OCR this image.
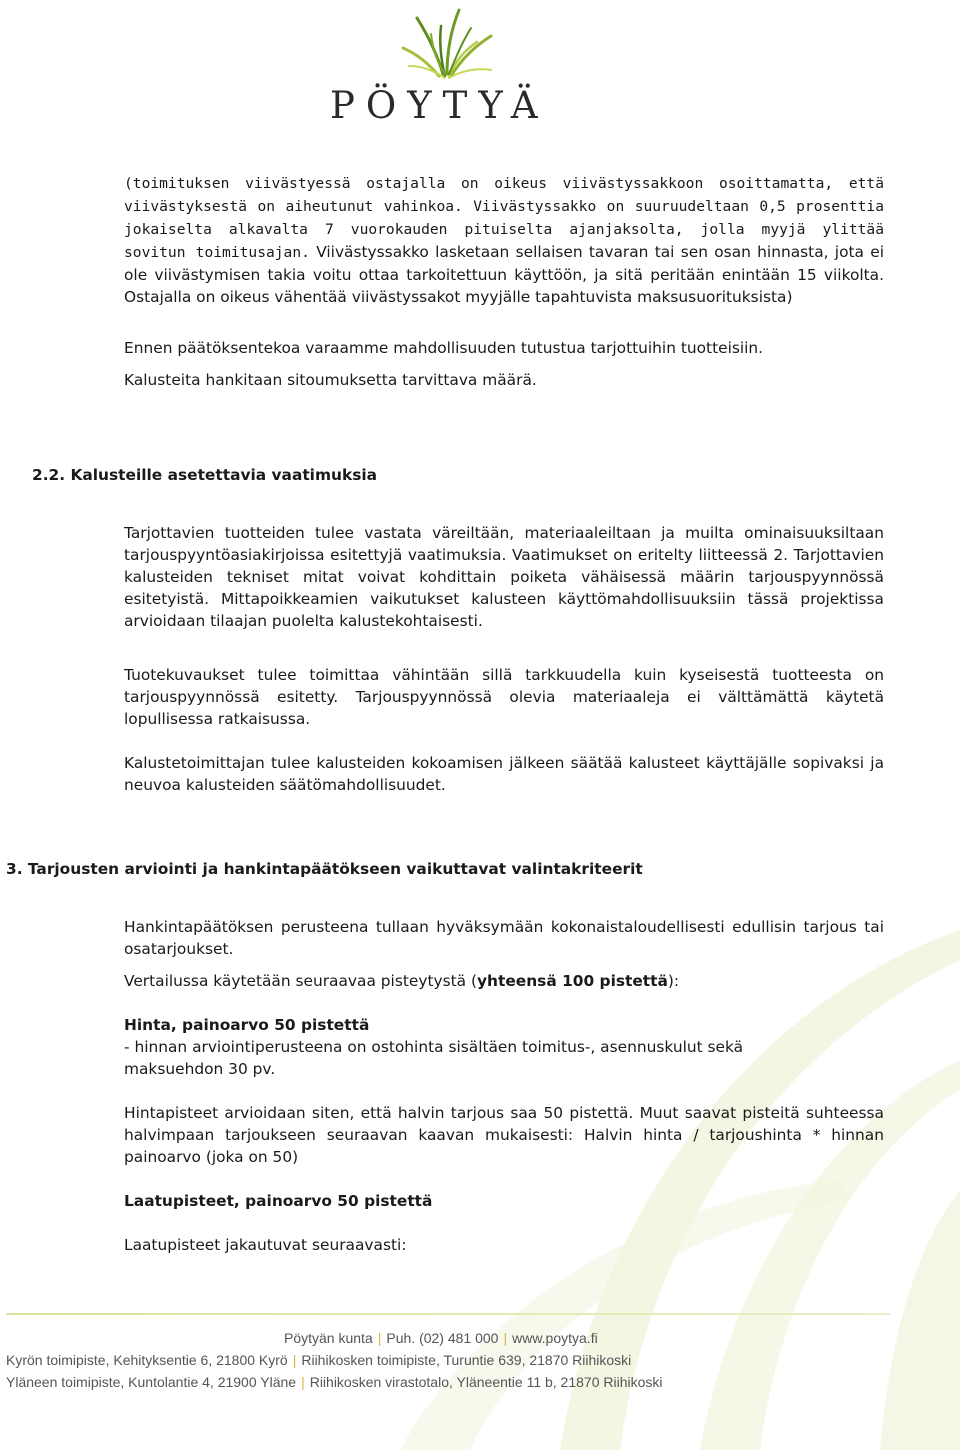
PÖYTYÄ

(toimituksen viivästyessä ostajalla on oikeus viivästyssakkoon osoittamatta, että viivästyksestä on aiheutunut vahinkoa. Viivästyssakko on suuruudeltaan 0,5 prosenttia jokaiselta alkavalta 7 vuorokauden pituiselta ajanjaksolta, jolla myyjä ylittää sovitun toimitusajan. Viivästyssakko lasketaan sellaisen tavaran tai sen osan hinnasta, jota ei ole viivästymisen takia voitu ottaa tarkoitettuun käyttöön, ja sitä peritään enintään 15 viikolta. Ostajalla on oikeus vähentää viivästyssakot myyjälle tapahtuvista maksusuorituksista)

Ennen päätöksentekoa varaamme mahdollisuuden tutustua tarjottuihin tuotteisiin.

Kalusteita hankitaan sitoumuksetta tarvittava määrä.

2.2. Kalusteille asetettavia vaatimuksia

Tarjottavien tuotteiden tulee vastata väreiltään, materiaaleiltaan ja muilta ominaisuuksiltaan tarjouspyyntöasiakirjoissa esitettyjä vaatimuksia. Vaatimukset on eritelty liitteessä 2. Tarjottavien kalusteiden tekniset mitat voivat kohdittain poiketa vähäisessä määrin tarjouspyynnössä esitetyistä. Mittapoikkeamien vaikutukset kalusteen käyttömahdollisuuksiin tässä projektissa arvioidaan tilaajan puolelta kalustekohtaisesti.

Tuotekuvaukset tulee toimittaa vähintään sillä tarkkuudella kuin kyseisestä tuotteesta on tarjouspyynnössä esitetty. Tarjouspyynnössä olevia materiaaleja ei välttämättä käytetä lopullisessa ratkaisussa.

Kalustetoimittajan tulee kalusteiden kokoamisen jälkeen säätää kalusteet käyttäjälle sopivaksi ja neuvoa kalusteiden säätömahdollisuudet.

3. Tarjousten arviointi ja hankintapäätökseen vaikuttavat valintakriteerit

Hankintapäätöksen perusteena tullaan hyväksymään kokonaistaloudellisesti edullisin tarjous tai osatarjoukset.

Vertailussa käytetään seuraavaa pisteytystä (yhteensä 100 pistettä):

Hinta, painoarvo 50 pistettä

- hinnan arviointiperusteena on ostohinta sisältäen toimitus-, asennuskulut sekä maksuehdon 30 pv.

Hintapisteet arvioidaan siten, että halvin tarjous saa 50 pistettä. Muut saavat pisteitä suhteessa halvimpaan tarjoukseen seuraavan kaavan mukaisesti: Halvin hinta / tarjoushinta * hinnan painoarvo (joka on 50)

Laatupisteet, painoarvo 50 pistettä

Laatupisteet jakautuvat seuraavasti:

Pöytyän kunta | Puh. (02) 481 000 | www.poytya.fi
Kyrön toimipiste, Kehityksentie 6, 21800 Kyrö | Riihikosken toimipiste, Turuntie 639, 21870 Riihikoski
Yläneen toimipiste, Kuntolantie 4, 21900 Yläne | Riihikosken virastotalo, Yläneentie 11 b, 21870 Riihikoski
